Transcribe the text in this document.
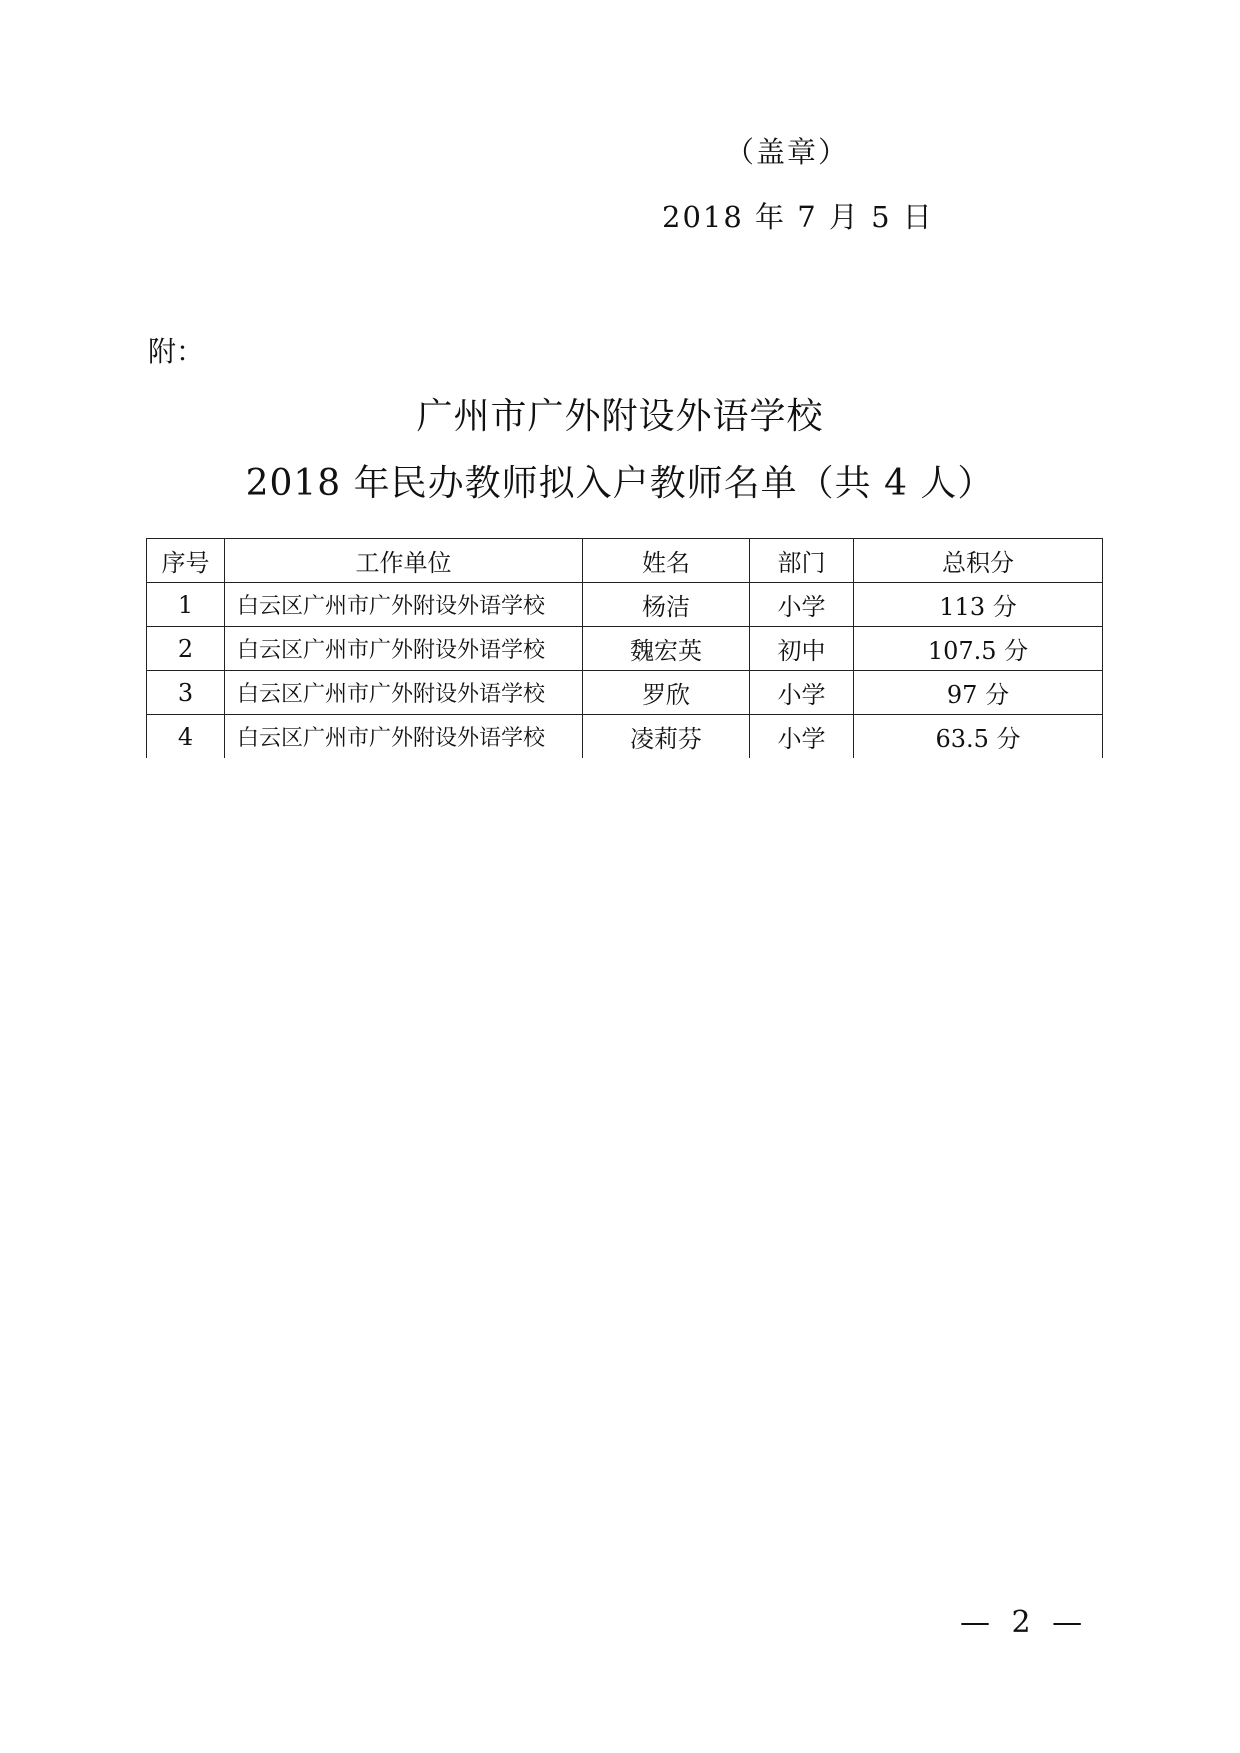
（盖章）
2018 年 7 月 5 日
附：
广州市广外附设外语学校
2018 年民办教师拟入户教师名单（共 4 人）
序号	工作单位	姓名	部门	总积分
1	白云区广州市广外附设外语学校	杨洁	小学	113 分
2	白云区广州市广外附设外语学校	魏宏英	初中	107.5 分
3	白云区广州市广外附设外语学校	罗欣	小学	97 分
4	白云区广州市广外附设外语学校	凌莉芬	小学	63.5 分
— 2 —
